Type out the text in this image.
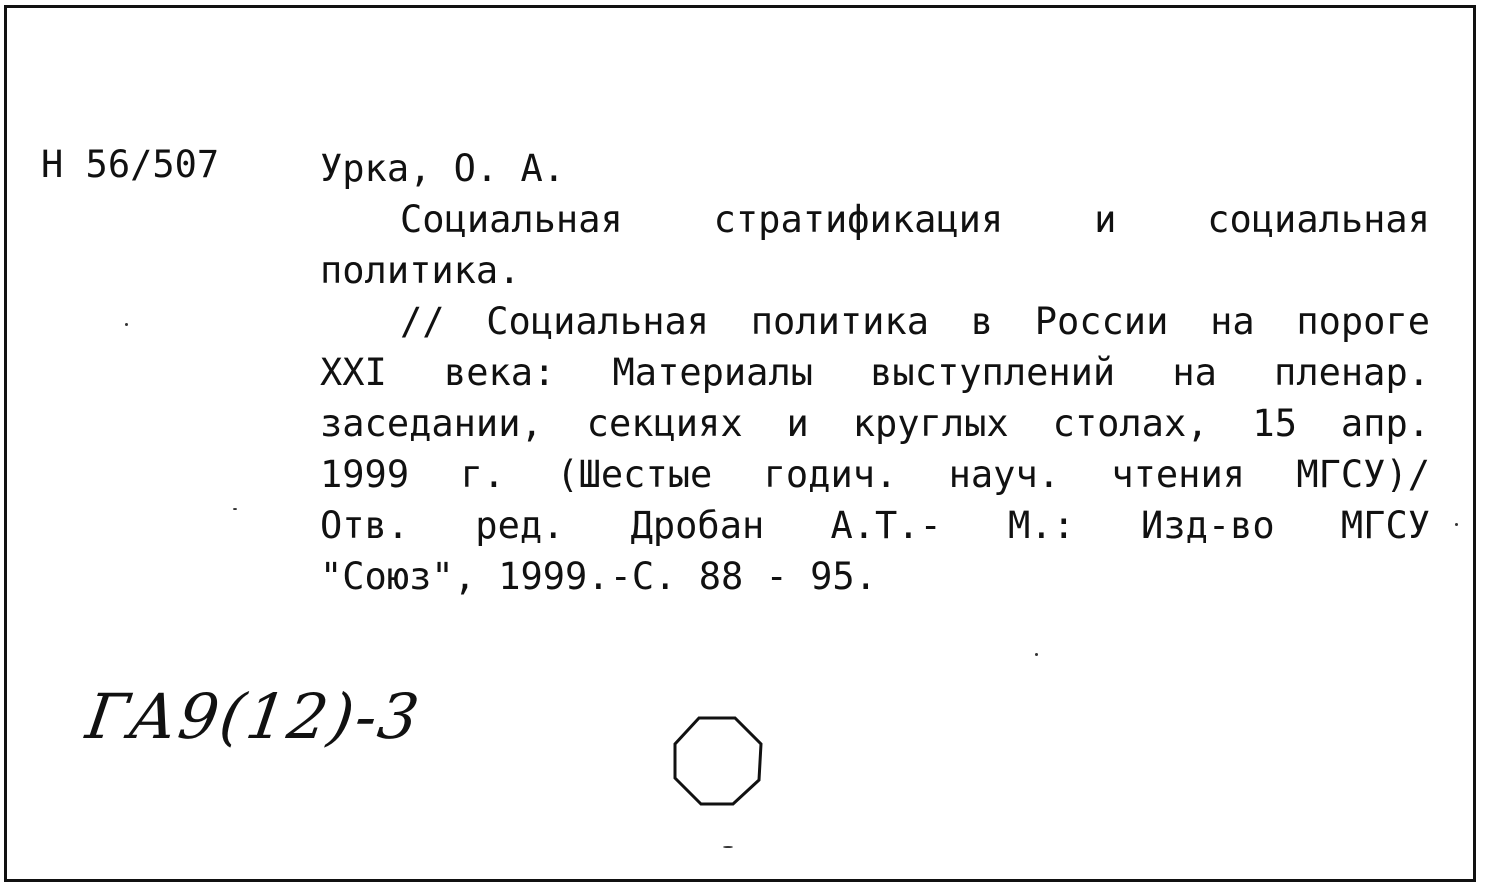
Н 56/507	Урка, О. А.
Социальная стратификация и социальная
политика.
// Социальная политика в России на пороге
XXI века: Материалы выступлений на пленар.
заседании, секциях и круглых столах, 15 апр.
1999 г. (Шестые годич. науч. чтения МГСУ)/
Отв. ред. Дробан А.Т.- М.: Изд-во МГСУ
"Союз", 1999.-С. 88 - 95.
ГА9(12)-3
